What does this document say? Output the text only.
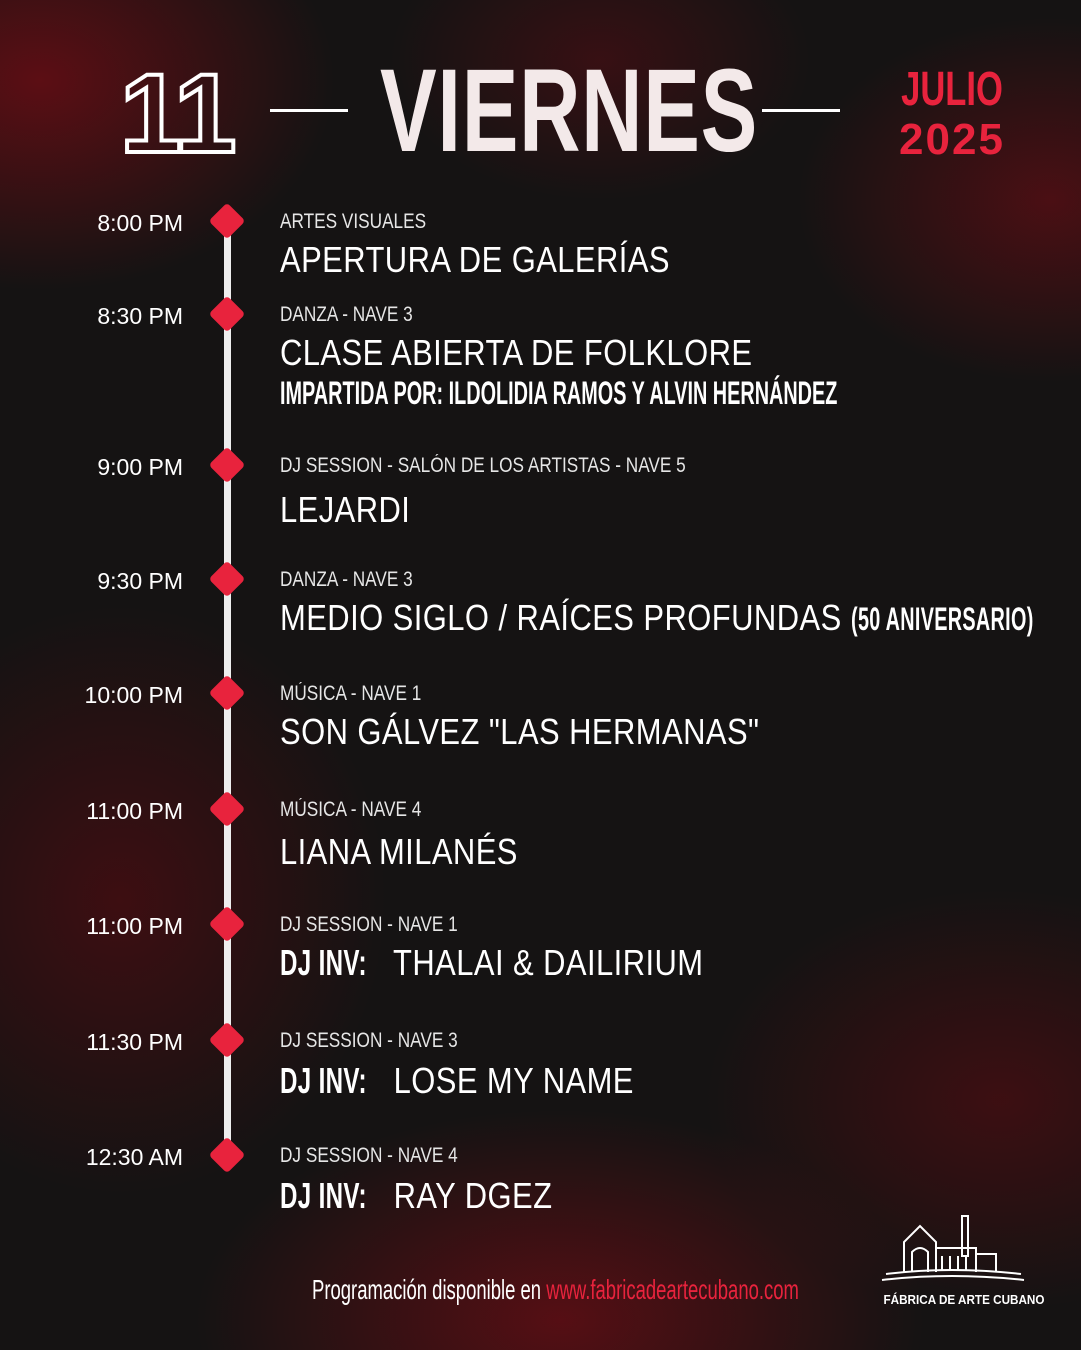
11 VIERNES	JULIO
2025
8:00 PM	ARTES VISUALES
APERTURA DE GALERÍAS
8:30 PM	DANZA - NAVE 3
CLASE ABIERTA DE FOLKLORE
IMPARTIDA POR: ILDOLIDIA RAMOS Y ALVIN HERNÁNDEZ
9:00 PM	DJ SESSION - SALÓN DE LOS ARTISTAS - NAVE 5
LEJARDI
9:30 PM	DANZA - NAVE 3
MEDIO SIGLO / RAÍCES PROFUNDAS (50 ANIVERSARIO)
10:00 PM	MÚSICA - NAVE 1
SON GÁLVEZ "LAS HERMANAS"
11:00 PM	MÚSICA - NAVE 4
LIANA MILANÉS
11:00 PM	DJ SESSION - NAVE 1
DJ INV: THALAI & DAILIRIUM
11:30 PM	DJ SESSION - NAVE 3
DJ INV: LOSE MY NAME
12:30 AM	DJ SESSION - NAVE 4
DJ INV: RAY DGEZ
Programación disponible en www.fabricadeartecubano.com	FÁBRICA DE ARTE CUBANO
